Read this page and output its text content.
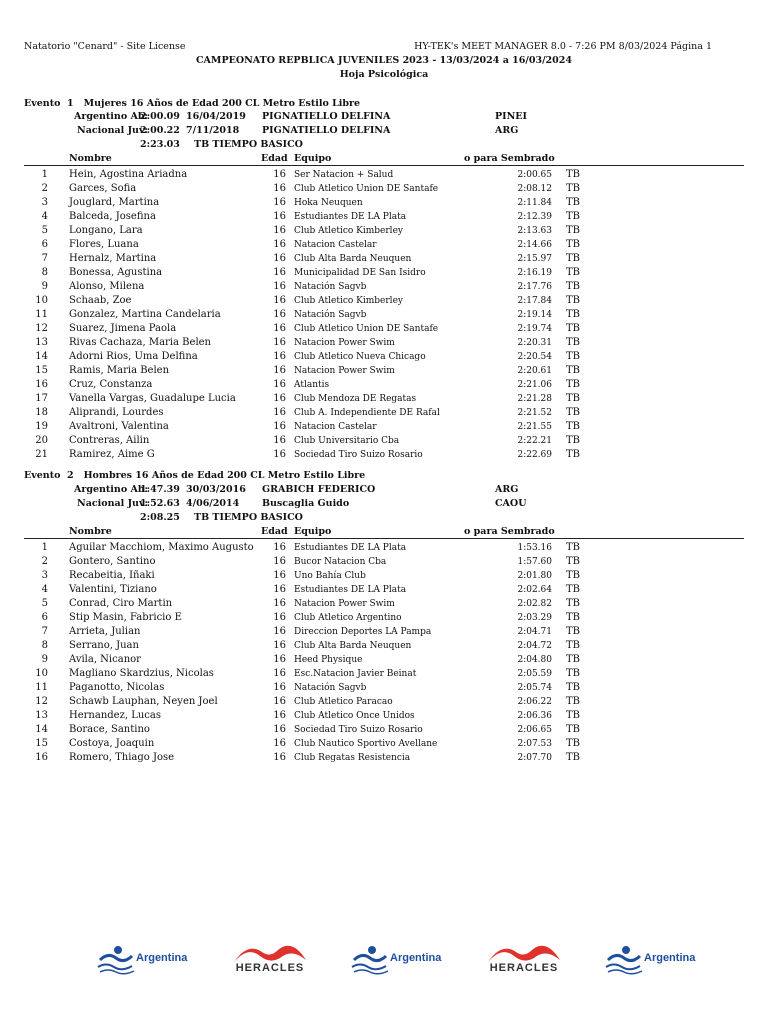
Natatorio "Cenard" - Site License	HY-TEK's MEET MANAGER 8.0 - 7:26 PM 8/03/2024 Página 1
CAMPEONATO REPBLICA JUVENILES 2023 - 13/03/2024 a 16/03/2024
Hoja Psicológica
Evento  1   Mujeres 16 Años de Edad 200 CL Metro Estilo Libre
Argentino Ab:
2:00.09 16/04/2019 PIGNATIELLO DELFINA	PINEI
Nacional Juv:
2:00.22 7/11/2018 PIGNATIELLO DELFINA	ARG
2:23.03 TB TIEMPO BASICO
Nombre	Edad Equipo	o para Sembrado
1 Hein, Agostina Ariadna	16 Ser Natacion + Salud	2:00.65 TB
2 Garces, Sofia	16 Club Atletico Union DE Santafe	2:08.12 TB
3 Jouglard, Martina	16 Hoka Neuquen	2:11.84 TB
4 Balceda, Josefina	16 Estudiantes DE LA Plata	2:12.39 TB
5 Longano, Lara	16 Club Atletico Kimberley	2:13.63 TB
6 Flores, Luana	16 Natacion Castelar	2:14.66 TB
7 Hernalz, Martina	16 Club Alta Barda Neuquen	2:15.97 TB
8 Bonessa, Agustina	16 Municipalidad DE San Isidro	2:16.19 TB
9 Alonso, Milena	16 Natación Sagvb	2:17.76 TB
10 Schaab, Zoe	16 Club Atletico Kimberley	2:17.84 TB
11 Gonzalez, Martina Candelaria	16 Natación Sagvb	2:19.14 TB
12 Suarez, Jimena Paola	16 Club Atletico Union DE Santafe	2:19.74 TB
13 Rivas Cachaza, Maria Belen	16 Natacion Power Swim	2:20.31 TB
14 Adorni Rios, Uma Delfina	16 Club Atletico Nueva Chicago	2:20.54 TB
15 Ramis, Maria Belen	16 Natacion Power Swim	2:20.61 TB
16 Cruz, Constanza	16 Atlantis	2:21.06 TB
17 Vanella Vargas, Guadalupe Lucia	16 Club Mendoza DE Regatas	2:21.28 TB
18 Aliprandi, Lourdes	16 Club A. Independiente DE Rafal	2:21.52 TB
19 Avaltroni, Valentina	16 Natacion Castelar	2:21.55 TB
20 Contreras, Ailin	16 Club Universitario Cba	2:22.21 TB
21 Ramirez, Aime G	16 Sociedad Tiro Suizo Rosario	2:22.69 TB
Evento  2   Hombres 16 Años de Edad 200 CL Metro Estilo Libre
Argentino Ab:
1:47.39 30/03/2016 GRABICH FEDERICO	ARG
Nacional Juv:
1:52.63 4/06/2014 Buscaglia Guido	CAOU
2:08.25 TB TIEMPO BASICO
Nombre	Edad Equipo	o para Sembrado
1 Aguilar Macchiom, Maximo Augusto	16 Estudiantes DE LA Plata	1:53.16 TB
2 Gontero, Santino	16 Bucor Natacion Cba	1:57.60 TB
3 Recabeitia, Iñaki	16 Uno Bahía Club	2:01.80 TB
4 Valentini, Tiziano	16 Estudiantes DE LA Plata	2:02.64 TB
5 Conrad, Ciro Martin	16 Natacion Power Swim	2:02.82 TB
6 Stip Masin, Fabricio E	16 Club Atletico Argentino	2:03.29 TB
7 Arrieta, Julian	16 Direccion Deportes LA Pampa	2:04.71 TB
8 Serrano, Juan	16 Club Alta Barda Neuquen	2:04.72 TB
9 Avila, Nicanor	16 Heed Physique	2:04.80 TB
10 Magliano Skardzius, Nicolas	16 Esc.Natacion Javier Beinat	2:05.59 TB
11 Paganotto, Nicolas	16 Natación Sagvb	2:05.74 TB
12 Schawb Lauphan, Neyen Joel	16 Club Atletico Paracao	2:06.22 TB
13 Hernandez, Lucas	16 Club Atletico Once Unidos	2:06.36 TB
14 Borace, Santino	16 Sociedad Tiro Suizo Rosario	2:06.65 TB
15 Costoya, Joaquin	16 Club Nautico Sportivo Avellane	2:07.53 TB
16 Romero, Thiago Jose	16 Club Regatas Resistencia	2:07.70 TB
Argentina
HERACLES
Argentina
HERACLES
Argentina
